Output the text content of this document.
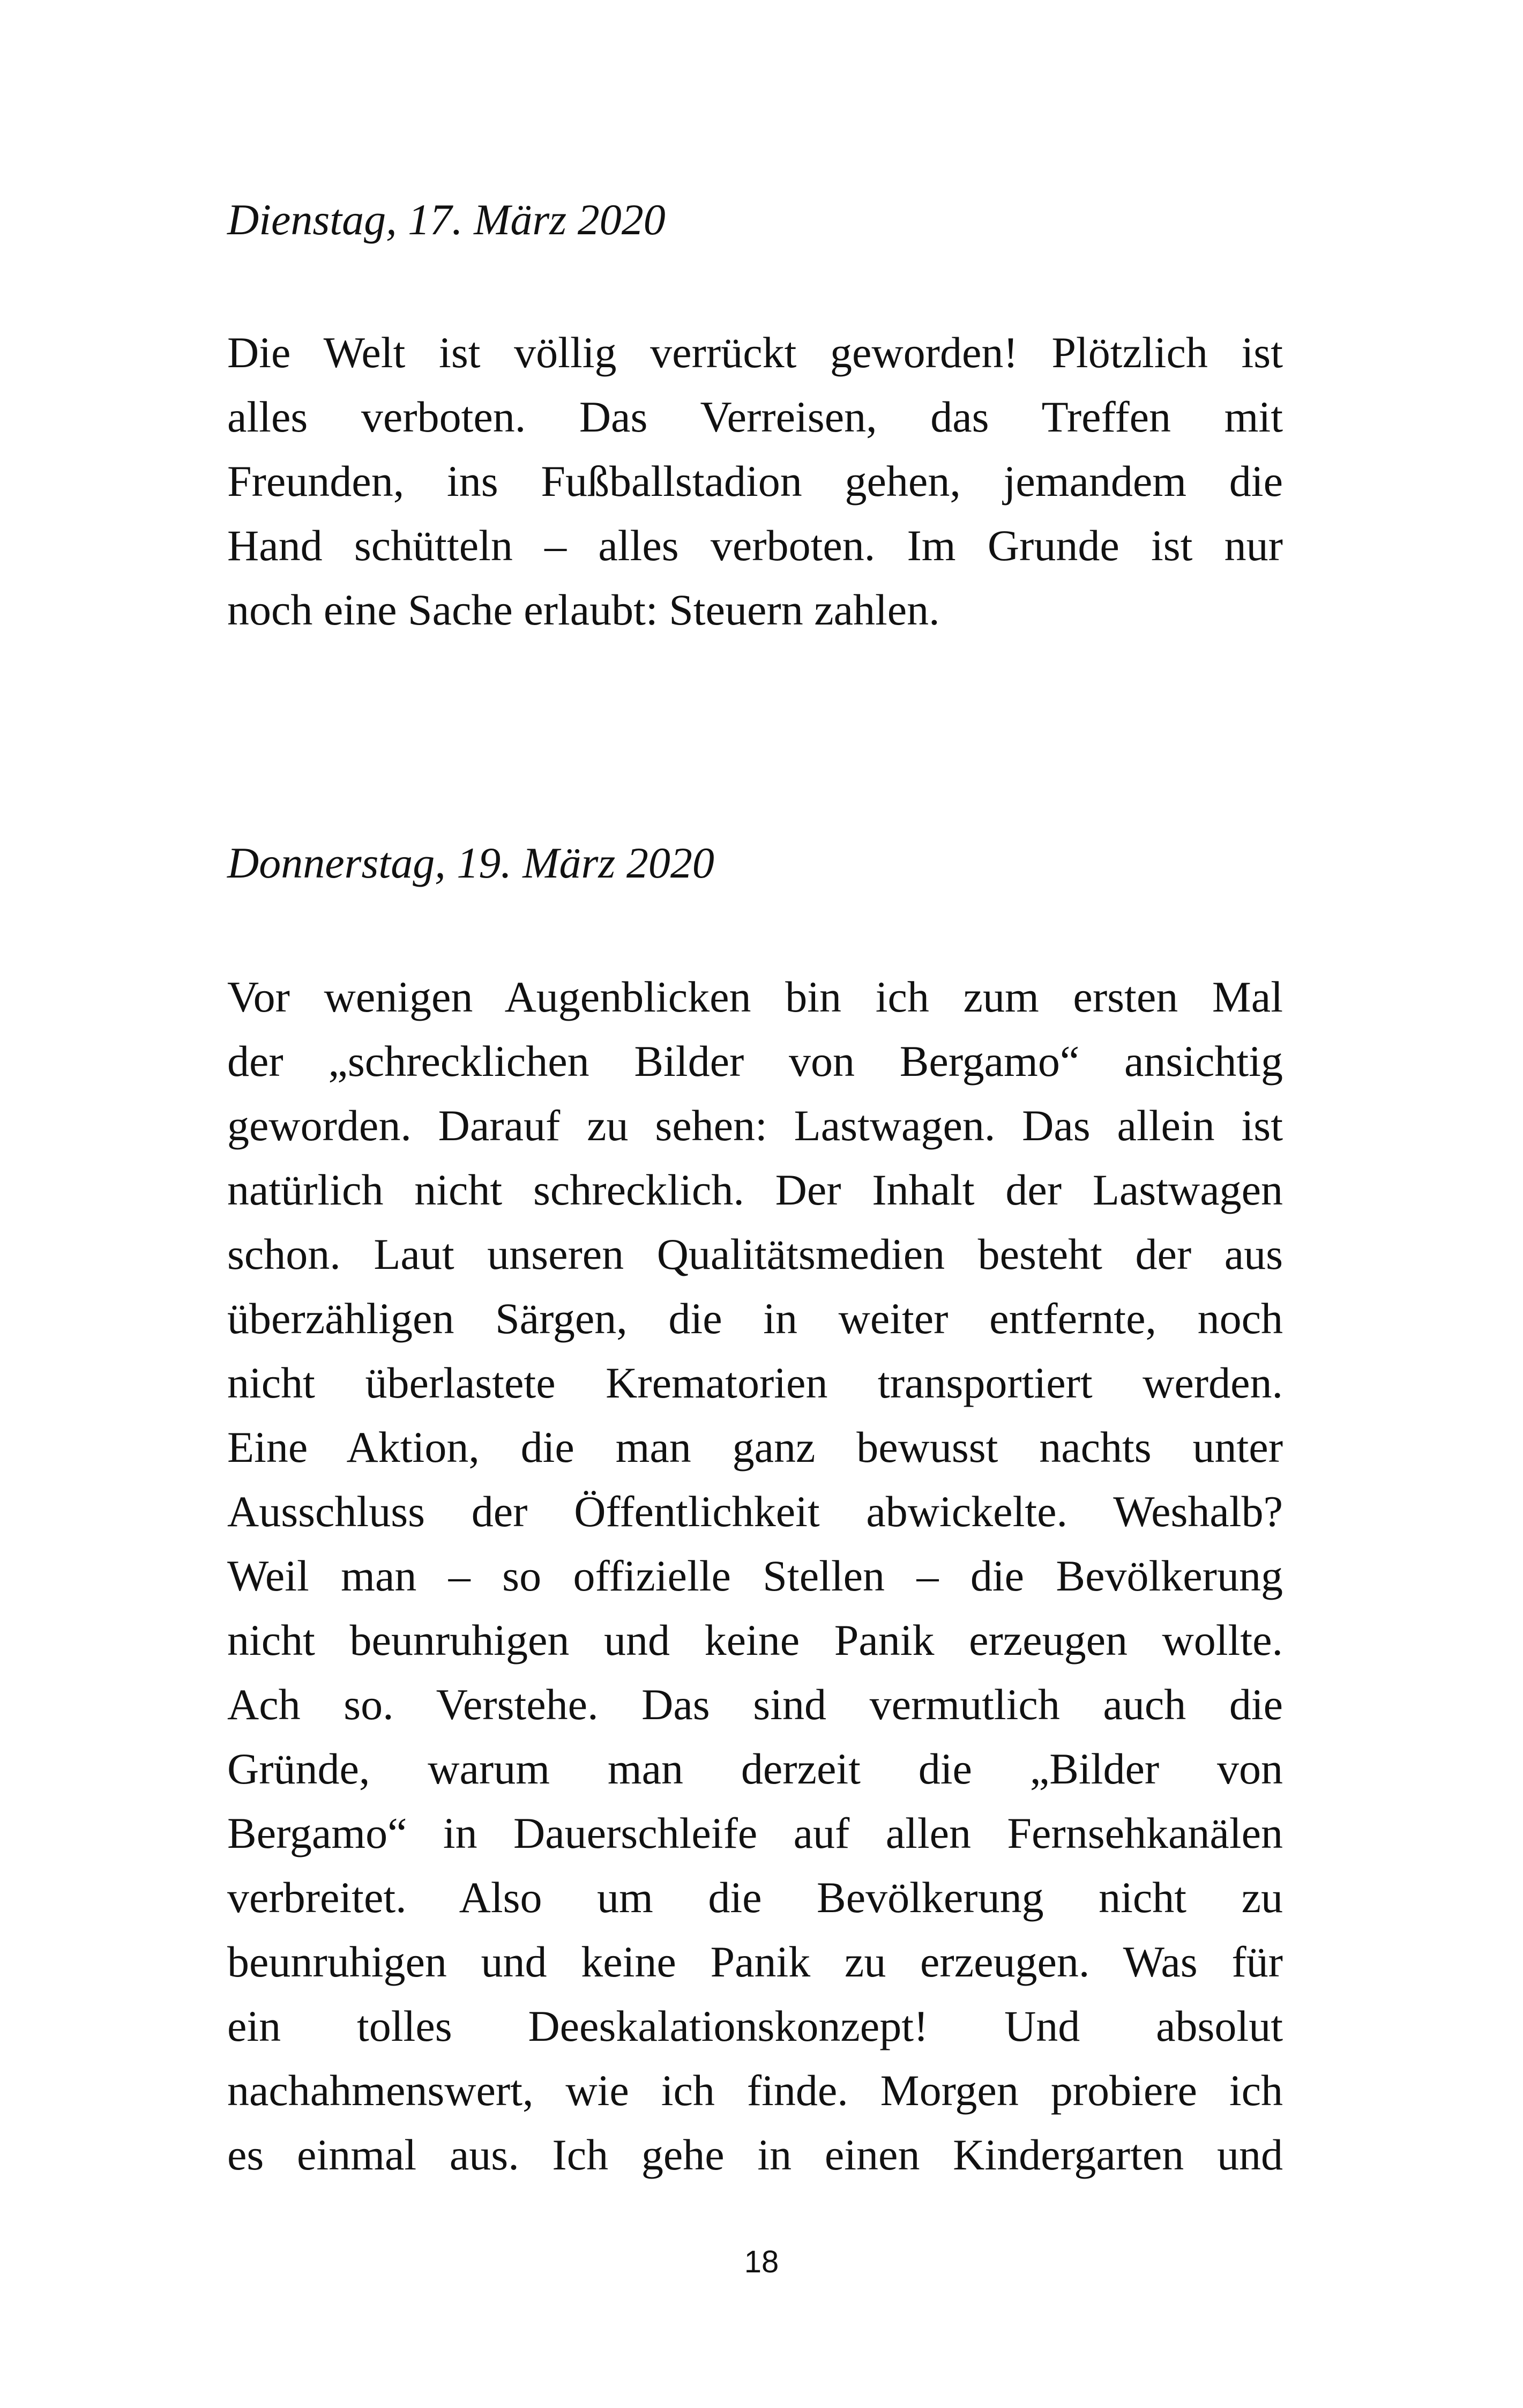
Dienstag, 17. März 2020

Die Welt ist völlig verrückt geworden! Plötzlich ist
alles verboten. Das Verreisen, das Treffen mit
Freunden, ins Fußballstadion gehen, jemandem die
Hand schütteln – alles verboten. Im Grunde ist nur
noch eine Sache erlaubt: Steuern zahlen.

Donnerstag, 19. März 2020

Vor wenigen Augenblicken bin ich zum ersten Mal
der „schrecklichen Bilder von Bergamo“ ansichtig
geworden. Darauf zu sehen: Lastwagen. Das allein ist
natürlich nicht schrecklich. Der Inhalt der Lastwagen
schon. Laut unseren Qualitätsmedien besteht der aus
überzähligen Särgen, die in weiter entfernte, noch
nicht überlastete Krematorien transportiert werden.
Eine Aktion, die man ganz bewusst nachts unter
Ausschluss der Öffentlichkeit abwickelte. Weshalb?
Weil man – so offizielle Stellen – die Bevölkerung
nicht beunruhigen und keine Panik erzeugen wollte.
Ach so. Verstehe. Das sind vermutlich auch die
Gründe, warum man derzeit die „Bilder von
Bergamo“ in Dauerschleife auf allen Fernsehkanälen
verbreitet. Also um die Bevölkerung nicht zu
beunruhigen und keine Panik zu erzeugen. Was für
ein tolles Deeskalationskonzept! Und absolut
nachahmenswert, wie ich finde. Morgen probiere ich
es einmal aus. Ich gehe in einen Kindergarten und

18
